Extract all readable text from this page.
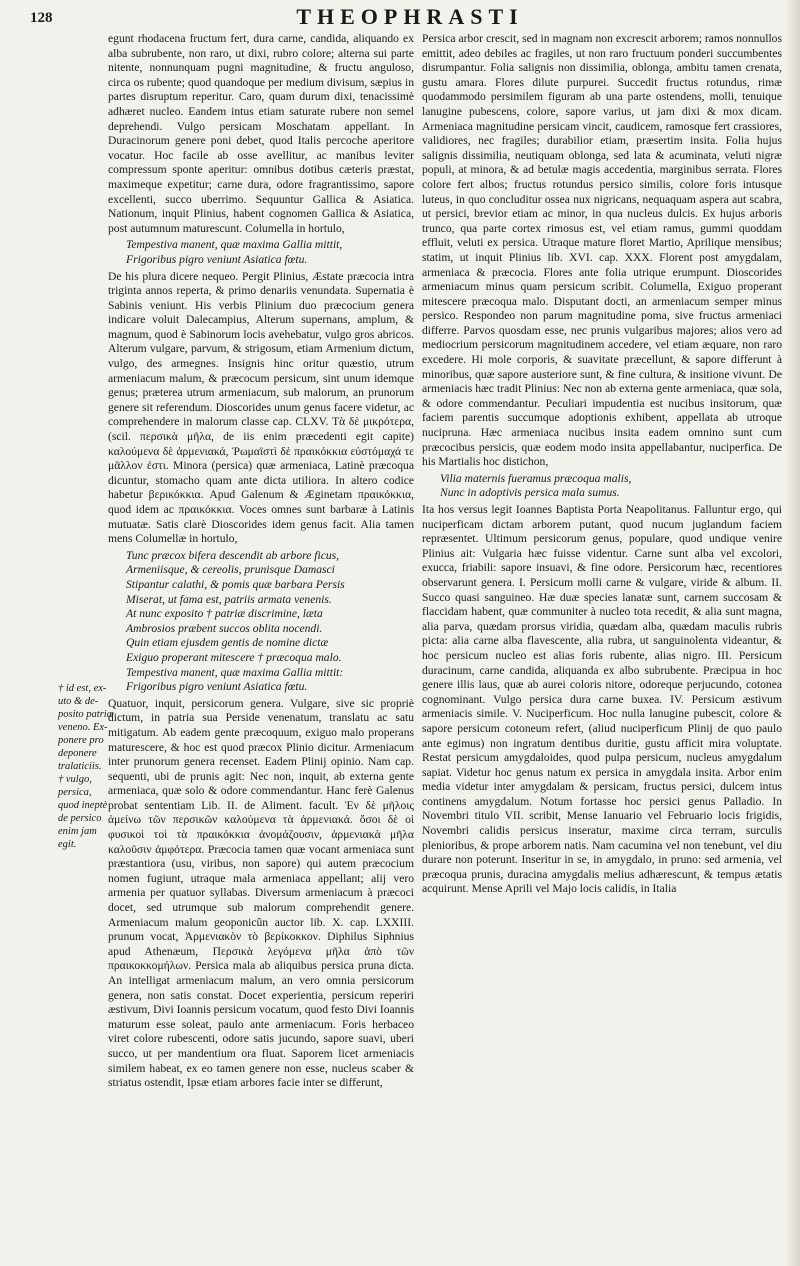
128	THEOPHRASTI
† id est, ex-
uto & de-
posito patriæ
veneno. Ex-
ponere pro
deponere
tralaticiis.
† vulgo,
persica,
quod ineptè
de persico
enim jam
egit.

egunt rhodacena fructum fert, dura carne, candida, aliquando ex alba subrubente, non raro, ut dixi, rubro colore; alterna sui parte nitente, nonnunquam pugni magnitudine, & fructu anguloso, circa os rubente; quod quandoque per medium divisum, sæpius in partes disruptum reperitur. Caro, quam durum dixi, tenacissimè adhæret nucleo. Eandem intus etiam saturate rubere non semel deprehendi. Vulgo persicam Moschatam appellant. In Duracinorum genere poni debet, quod Italis percoche aperitore vocatur. Hoc facile ab osse avellitur, ac manibus leviter compressum sponte aperitur: omnibus dotibus cæteris præstat, maximeque expetitur; carne dura, odore fragrantissimo, sapore excellenti, succo uberrimo. Sequuntur Gallica & Asiatica. Nationum, inquit Plinius, habent cognomen Gallica & Asiatica, post autumnum maturescunt. Columella in hortulo,

Tempestiva manent, quæ maxima Gallia mittit,
Frigoribus pigro veniunt Asiatica fœtu.

De his plura dicere nequeo. Pergit Plinius, Æstate præcocia intra triginta annos reperta, & primo denariis venundata. Supernatia è Sabinis veniunt. His verbis Plinium duo præcocium genera indicare voluit Dalecampius, Alterum supernans, amplum, & magnum, quod è Sabinorum locis avehebatur, vulgo gros abricos. Alterum vulgare, parvum, & strigosum, etiam Armenium dictum, vulgo, des armegnes. Insignis hinc oritur quæstio, utrum armeniacum malum, & præcocum persicum, sint unum idemque genus; præterea utrum armeniacum, sub malorum, an prunorum genere sit referendum. Dioscorides unum genus facere videtur, ac comprehendere in malorum classe cap. CLXV. Τὰ δὲ μικρότερα, (scil. περσικὰ μῆλα, de iis enim præcedenti egit capite) καλούμενα δὲ ἀρμενιακά, Ῥωμαϊστὶ δὲ πραικόκκια εὐστόμαχά τε μᾶλλον ἐστι. Minora (persica) quæ armeniaca, Latinè præcoqua dicuntur, stomacho quam ante dicta utiliora. In altero codice habetur βερικόκκια. Apud Galenum & Æginetam πραικόκκια, quod idem ac πραικόκκια. Voces omnes sunt barbaræ à Latinis mutuatæ. Satis clarè Dioscorides idem genus facit. Alia tamen mens Columellæ in hortulo,

Tunc præcox bifera descendit ab arbore ficus,
Armeniisque, & cereolis, prunisque Damasci
Stipantur calathi, & pomis quæ barbara Persis
Miserat, ut fama est, patriis armata venenis.
At nunc exposito † patriæ discrimine, læta
Ambrosios præbent succos oblita nocendi.
Quin etiam ejusdem gentis de nomine dictæ
Exiguo properant mitescere † præcoqua malo.
Tempestiva manent, quæ maxima Gallia mittit:
Frigoribus pigro veniunt Asiatica fœtu.

Quatuor, inquit, persicorum genera. Vulgare, sive sic propriè dictum, in patria sua Perside venenatum, translatu ac satu mitigatum. Ab eadem gente præcoquum, exiguo malo properans maturescere, & hoc est quod præcox Plinio dicitur. Armeniacum inter prunorum genera recenset. Eadem Plinij opinio. Nam cap. sequenti, ubi de prunis agit: Nec non, inquit, ab externa gente armeniaca, quæ solo & odore commendantur. Hanc ferè Galenus probat sententiam Lib. II. de Aliment. facult. Ἐν δὲ μῆλοις ἀμείνω τῶν περσικῶν καλούμενα τὰ ἀρμενιακά. ὅσοι δὲ οἱ φυσικοὶ τοὶ τὰ πραικόκκια ἀνομάζουσιν, ἀρμενιακὰ μῆλα καλοῦσιν ἀμφότερα. Præcocia tamen quæ vocant armeniaca sunt præstantiora (usu, viribus, non sapore) qui autem præcocium nomen fugiunt, utraque mala armeniaca appellant; alij vero armenia per quatuor syllabas. Diversum armeniacum à præcoci docet, sed utrumque sub malorum comprehendit genere. Armeniacum malum geoponicûn auctor lib. X. cap. LXXIII. prunum vocat, Ἀρμενιακὸν τὸ βερίκοκκον. Diphilus Siphnius apud Athenæum, Περσικὰ λεγόμενα μῆλα ἀπὸ τῶν πραικοκκομήλων. Persica mala ab aliquibus persica pruna dicta. An intelligat armeniacum malum, an vero omnia persicorum genera, non satis constat. Docet experientia, persicum reperiri æstivum, Divi Ioannis persicum vocatum, quod festo Divi Ioannis maturum esse soleat, paulo ante armeniacum. Foris herbaceo viret colore rubescenti, odore satis jucundo, sapore suavi, uberi succo, ut per mandentium ora fluat. Saporem licet armeniacis similem habeat, ex eo tamen genere non esse, nucleus scaber & striatus ostendit, Ipsæ etiam arbores facie inter se differunt,

Persica arbor crescit, sed in magnam non excrescit arborem; ramos nonnullos emittit, adeo debiles ac fragiles, ut non raro fructuum ponderi succumbentes disrumpantur. Folia salignis non dissimilia, oblonga, ambitu tamen crenata, gustu amara. Flores dilute purpurei. Succedit fructus rotundus, rimæ quodammodo persimilem figuram ab una parte ostendens, molli, tenuique lanugine pubescens, colore, sapore varius, ut jam dixi & mox dicam. Armeniaca magnitudine persicam vincit, caudicem, ramosque fert crassiores, validiores, nec fragiles; durabilior etiam, præsertim insita. Folia hujus salignis dissimilia, neutiquam oblonga, sed lata & acuminata, veluti nigræ populi, at minora, & ad betulæ magis accedentia, marginibus serrata. Flores colore fert albos; fructus rotundus persico similis, colore foris intusque luteus, in quo concluditur ossea nux nigricans, nequaquam aspera aut scabra, ut persici, brevior etiam ac minor, in qua nucleus dulcis. Ex hujus arboris trunco, qua parte cortex rimosus est, vel etiam ramus, gummi quoddam effluit, veluti ex persica. Utraque mature floret Martio, Aprilique mensibus; statim, ut inquit Plinius lib. XVI. cap. XXX. Florent post amygdalam, armeniaca & præcocia. Flores ante folia utrique erumpunt. Dioscorides armeniacum minus quam persicum scribit. Columella, Exiguo properant mitescere præcoqua malo. Disputant docti, an armeniacum semper minus persico. Respondeo non parum magnitudine poma, sive fructus armeniaci differre. Parvos quosdam esse, nec prunis vulgaribus majores; alios vero ad mediocrium persicorum magnitudinem accedere, vel etiam æquare, non raro excedere. Hi mole corporis, & suavitate præcellunt, & sapore differunt à minoribus, quæ sapore austeriore sunt, & fine cultura, & insitione vivunt. De armeniacis hæc tradit Plinius: Nec non ab externa gente armeniaca, quæ sola, & odore commendantur. Peculiari impudentia est nucibus insitorum, quæ faciem parentis succumque adoptionis exhibent, appellata ab utroque nucipruna. Hæc armeniaca nucibus insita eadem omnino sunt cum præcocibus persicis, quæ eodem modo insita appellabantur, nuciperfica. De his Martialis hoc distichon,

Vilia maternis fueramus præcoqua malis,
Nunc in adoptivis persica mala sumus.

Ita hos versus legit Ioannes Baptista Porta Neapolitanus. Falluntur ergo, qui nuciperficam dictam arborem putant, quod nucum juglandum faciem repræsentet. Ultimum persicorum genus, populare, quod undique venire Plinius ait: Vulgaria hæc fuisse videntur. Carne sunt alba vel excolori, exucca, friabili: sapore insuavi, & fine odore. Persicorum hæc, recentiores observarunt genera. I. Persicum molli carne & vulgare, viride & album. II. Succo quasi sanguineo. Hæ duæ species lanatæ sunt, carnem succosam & flaccidam habent, quæ communiter à nucleo tota recedit, & alia sunt magna, alia parva, quædam prorsus viridia, quædam alba, quædam maculis rubris picta: alia carne alba flavescente, alia rubra, ut sanguinolenta videantur, & hoc persicum nucleo est alias foris rubente, alias nigro. III. Persicum duracinum, carne candida, aliquanda ex albo subrubente. Præcipua in hoc genere illis laus, quæ ab aurei coloris nitore, odoreque perjucundo, cotonea cognominant. Vulgo persica dura carne buxea. IV. Persicum æstivum armeniacis simile. V. Nuciperficum. Hoc nulla lanugine pubescit, colore & sapore persicum cotoneum refert, (aliud nuciperficum Plinij de quo paulo ante egimus) non ingratum dentibus duritie, gustu afficit mira voluptate. Restat persicum amygdaloides, quod pulpa persicum, nucleus amygdalum sapiat. Videtur hoc genus natum ex persica in amygdala insita. Arbor enim media videtur inter amygdalam & persicam, fructus persici, dulcem intus continens amygdalum. Notum fortasse hoc persici genus Palladio. In Novembri titulo VII. scribit, Mense Ianuario vel Februario locis frigidis, Novembri calidis persicus inseratur, maxime circa terram, surculis plenioribus, & prope arborem natis. Nam cacumina vel non tenebunt, vel diu durare non poterunt. Inseritur in se, in amygdalo, in pruno: sed armenia, vel præcoqua prunis, duracina amygdalis melius adhærescunt, & tempus ætatis acquirunt. Mense Aprili vel Majo locis calidis, in Italia
